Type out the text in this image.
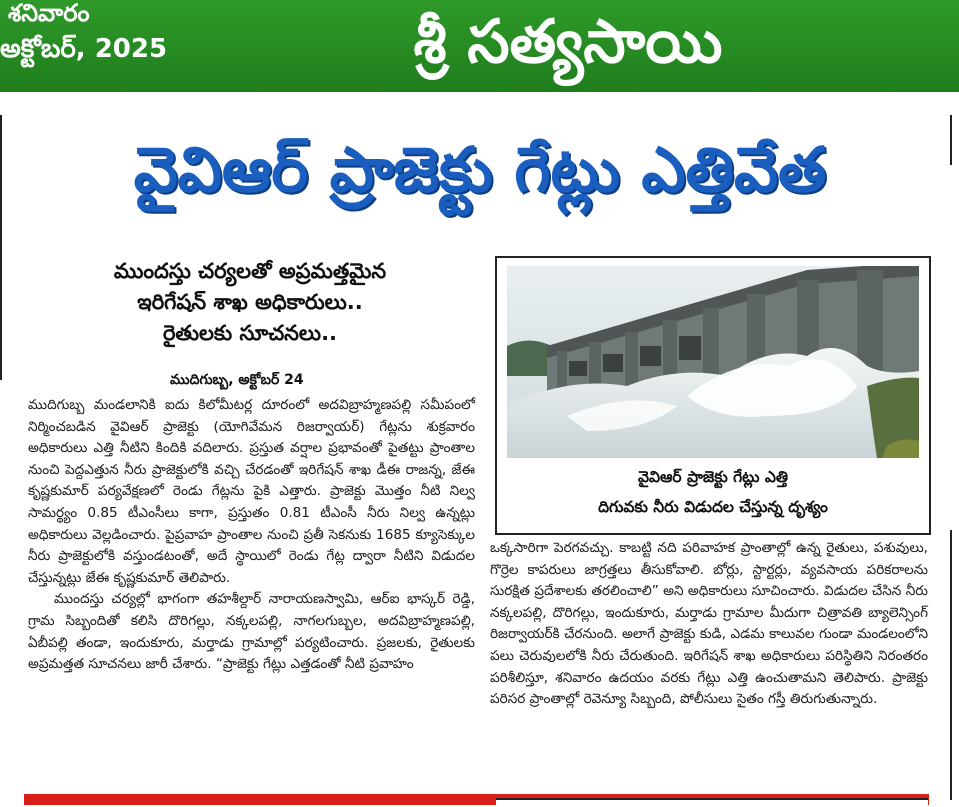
శనివారం
అక్టోబర్, 2025	శ్రీ సత్యసాయి
వైవిఆర్ ప్రాజెక్టు గేట్లు ఎత్తివేత
ముందస్తు చర్యలతో అప్రమత్తమైన
ఇరిగేషన్ శాఖ అధికారులు..
రైతులకు సూచనలు..
ముదిగుబ్బ, అక్టోబర్ 24

ముదిగుబ్బ మండలానికి ఐదు కిలోమీటర్ల దూరంలో అదవిబ్రాహ్మణపల్లి సమీపంలో నిర్మించబడిన వైవిఆర్ ప్రాజెక్టు (యోగివేమన రిజర్వాయర్) గేట్లను శుక్రవారం అధికారులు ఎత్తి నీటిని కిందికి వదిలారు. ప్రస్తుత వర్షాల ప్రభావంతో పైతట్టు ప్రాంతాల నుంచి పెద్దఎత్తున నీరు ప్రాజెక్టులోకి వచ్చి చేరడంతో ఇరిగేషన్ శాఖ డీఈ రాజన్న, జేఈ కృష్ణకుమార్ పర్యవేక్షణలో రెండు గేట్లను పైకి ఎత్తారు. ప్రాజెక్టు మొత్తం నీటి నిల్వ సామర్థ్యం 0.85 టీఎంసీలు కాగా, ప్రస్తుతం 0.81 టీఎంసీ నీరు నిల్వ ఉన్నట్లు అధికారులు వెల్లడించారు. పైప్రవాహ ప్రాంతాల నుంచి ప్రతీ సెకనుకు 1685 క్యూసెక్కుల నీరు ప్రాజెక్టులోకి వస్తుండటంతో, అదే స్థాయిలో రెండు గేట్ల ద్వారా నీటిని విడుదల చేస్తున్నట్లు జేఈ కృష్ణకుమార్ తెలిపారు.

ముందస్తు చర్యల్లో భాగంగా తహశీల్దార్ నారాయణస్వామి, ఆర్ఐ భాస్కర్ రెడ్డి, గ్రామ సిబ్బందితో కలిసి దొరిగల్లు, నక్కలపల్లి, నాగలగుబ్బల, అదవిబ్రాహ్మణపల్లి, ఏబీపల్లి తండా, ఇందుకూరు, మర్తాడు గ్రామాల్లో పర్యటించారు. ప్రజలకు, రైతులకు అప్రమత్తత సూచనలు జారీ చేశారు. “ప్రాజెక్టు గేట్లు ఎత్తడంతో నీటి ప్రవాహం

వైవిఆర్ ప్రాజెక్టు గేట్లు ఎత్తి
దిగువకు నీరు విడుదల చేస్తున్న దృశ్యం

ఒక్కసారిగా పెరగవచ్చు. కాబట్టి నది పరివాహక ప్రాంతాల్లో ఉన్న రైతులు, పశువులు, గొర్రెల కాపరులు జాగ్రత్తలు తీసుకోవాలి. బోర్లు, స్టార్టర్లు, వ్యవసాయ పరికరాలను సురక్షిత ప్రదేశాలకు తరలించాలి” అని అధికారులు సూచించారు. విడుదల చేసిన నీరు నక్కలపల్లి, దొరిగల్లు, ఇందుకూరు, మర్తాడు గ్రామాల మీదుగా చిత్రావతి బ్యాలెన్సింగ్ రిజర్వాయర్‌కి చేరనుంది. అలాగే ప్రాజెక్టు కుడి, ఎడమ కాలువల గుండా మండలంలోని పలు చెరువులలోకి నీరు చేరుతుంది. ఇరిగేషన్ శాఖ అధికారులు పరిస్థితిని నిరంతరం పరిశీలిస్తూ, శనివారం ఉదయం వరకు గేట్లు ఎత్తి ఉంచుతామని తెలిపారు. ప్రాజెక్టు పరిసర ప్రాంతాల్లో రెవెన్యూ సిబ్బంది, పోలీసులు సైతం గస్తీ తిరుగుతున్నారు.
